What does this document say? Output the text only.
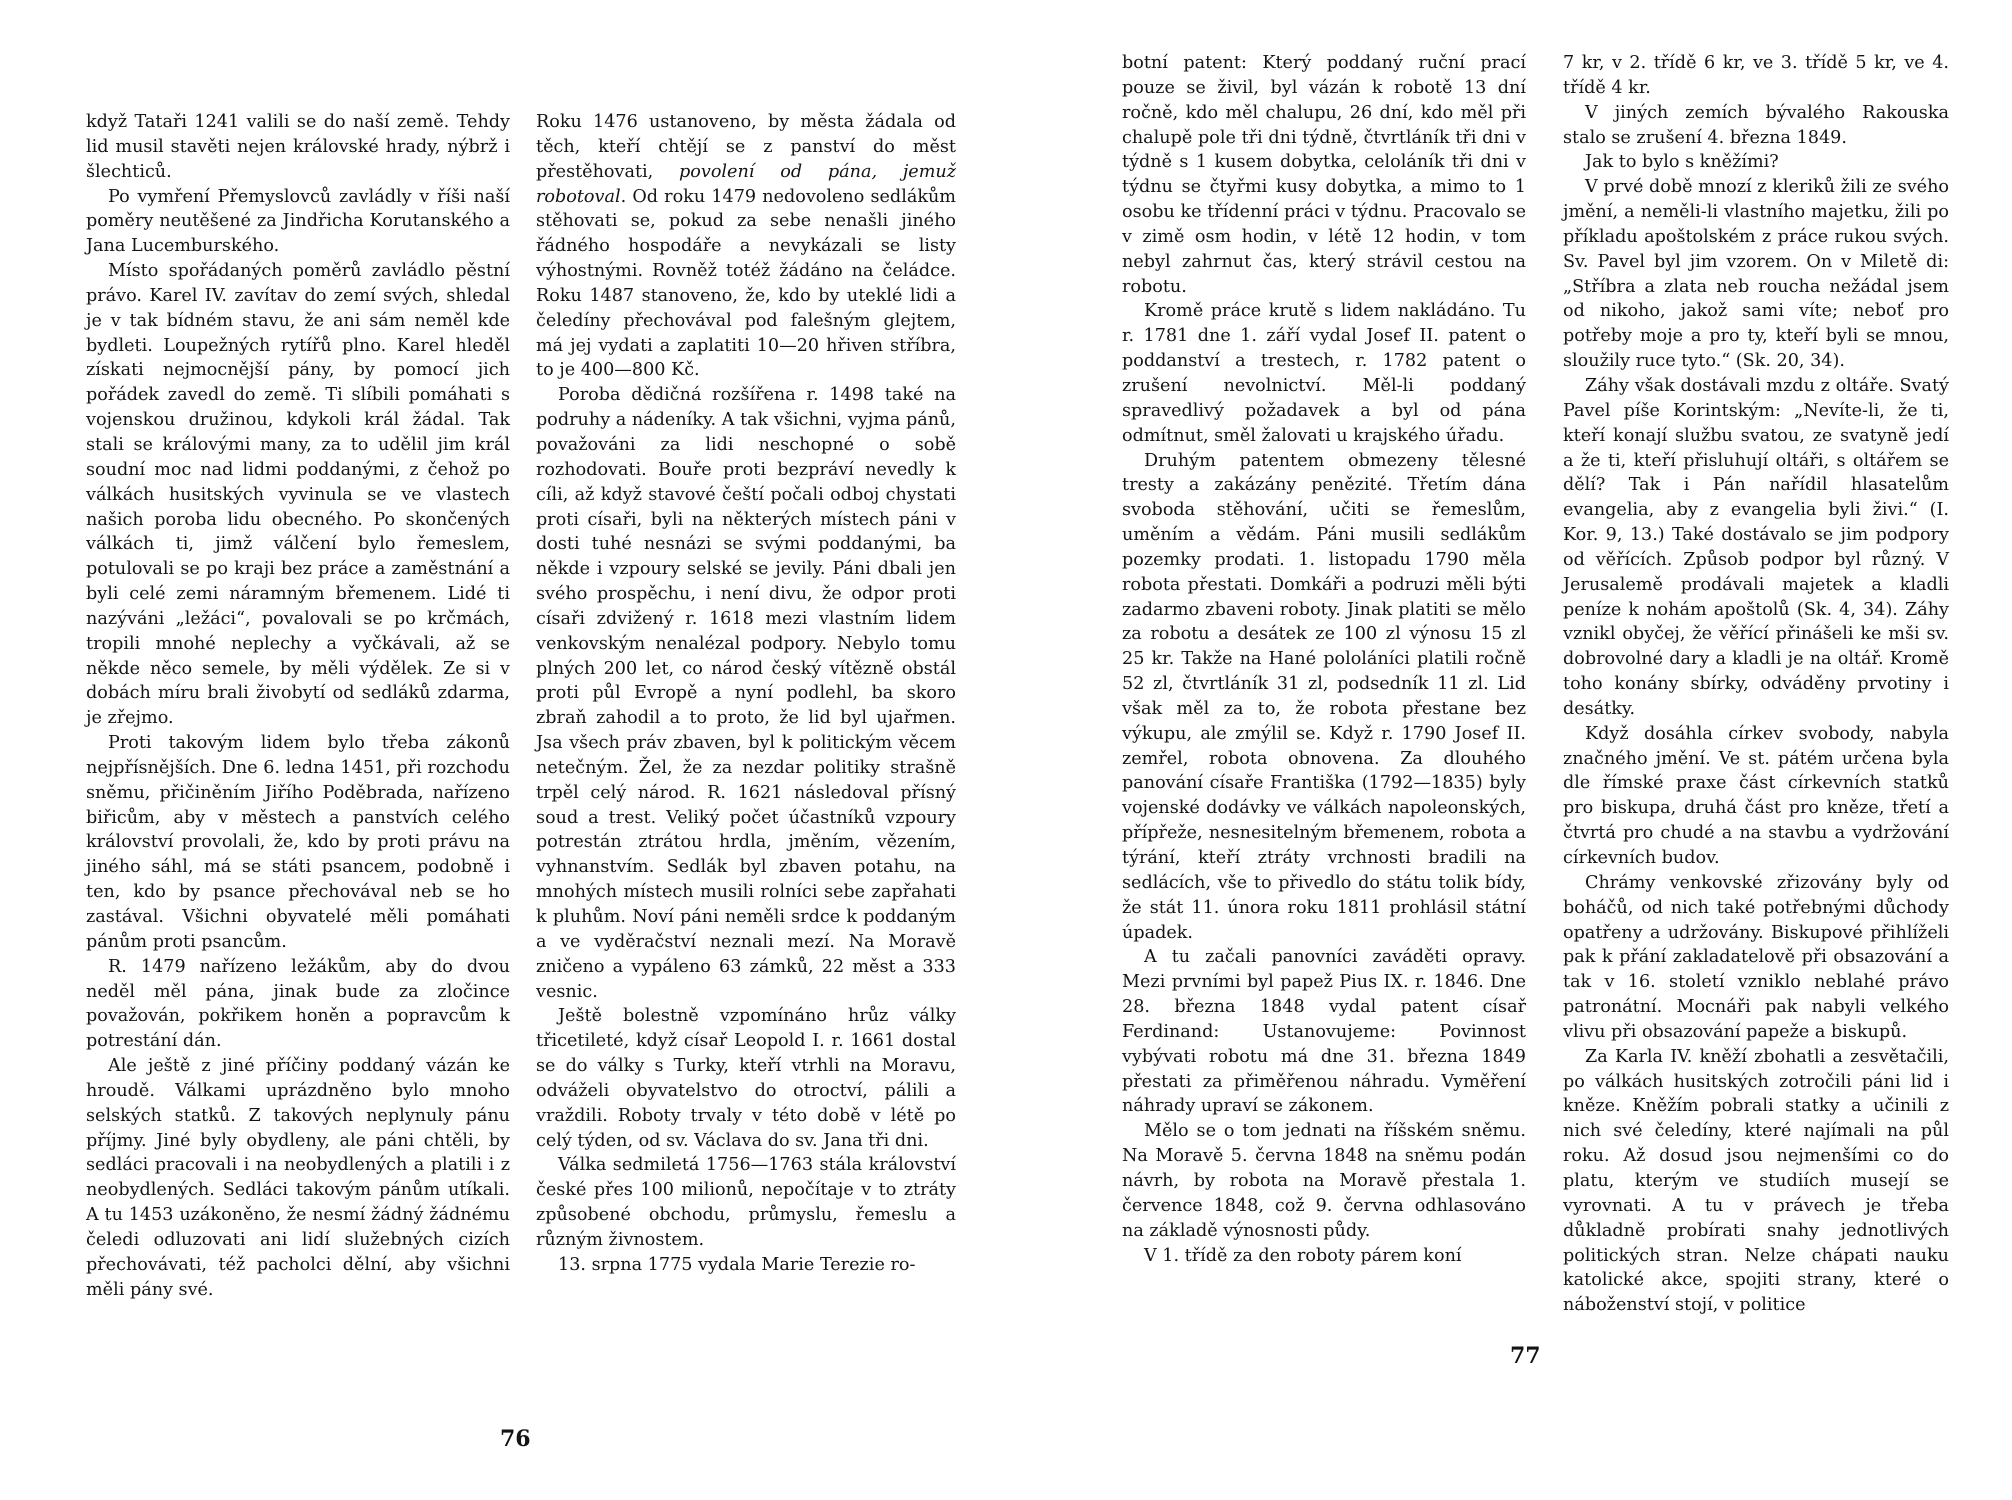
když Tataři 1241 valili se do naší země. Tehdy lid musil stavěti nejen královské hrady, nýbrž i šlechticů.

Po vymření Přemyslovců zavládly v říši naší poměry neutěšené za Jindřicha Korutanského a Jana Lucemburského.

Místo spořádaných poměrů zavládlo pěstní právo. Karel IV. zavítav do zemí svých, shledal je v tak bídném stavu, že ani sám neměl kde bydleti. Loupežných rytířů plno. Karel hleděl získati nejmocnější pány, by pomocí jich pořádek zavedl do země. Ti slíbili pomáhati s vojenskou družinou, kdykoli král žádal. Tak stali se královými many, za to udělil jim král soudní moc nad lidmi poddanými, z čehož po válkách husitských vyvinula se ve vlastech našich poroba lidu obecného. Po skončených válkách ti, jimž válčení bylo řemeslem, potulovali se po kraji bez práce a zaměstnání a byli celé zemi náramným břemenem. Lidé ti nazýváni „ležáci“, povalovali se po krčmách, tropili mnohé neplechy a vyčkávali, až se někde něco semele, by měli výdělek. Ze si v dobách míru brali živobytí od sedláků zdarma, je zřejmo.

Proti takovým lidem bylo třeba zákonů nejpřísnějších. Dne 6. ledna 1451, při rozchodu sněmu, přičiněním Jiřího Poděbrada, nařízeno biřicům, aby v městech a panstvích celého království provolali, že, kdo by proti právu na jiného sáhl, má se státi psancem, podobně i ten, kdo by psance přechovával neb se ho zastával. Všichni obyvatelé měli pomáhati pánům proti psancům.

R. 1479 nařízeno ležákům, aby do dvou neděl měl pána, jinak bude za zločince považován, pokřikem honěn a popravcům k potrestání dán.

Ale ještě z jiné příčiny poddaný vázán ke hroudě. Válkami uprázdněno bylo mnoho selských statků. Z takových neplynuly pánu příjmy. Jiné byly obydleny, ale páni chtěli, by sedláci pracovali i na neobydlených a platili i z neobydlených. Sedláci takovým pánům utíkali. A tu 1453 uzákoněno, že nesmí žádný žádnému čeledi odluzovati ani lidí služebných cizích přechovávati, též pacholci dělní, aby všichni měli pány své.

Roku 1476 ustanoveno, by města žádala od těch, kteří chtějí se z panství do měst přestěhovati, povolení od pána, jemuž robotoval. Od roku 1479 nedovoleno sedlákům stěhovati se, pokud za sebe nenašli jiného řádného hospodáře a nevykázali se listy výhostnými. Rovněž totéž žádáno na čeládce. Roku 1487 stanoveno, že, kdo by uteklé lidi a čeledíny přechovával pod falešným glejtem, má jej vydati a zaplatiti 10—20 hřiven stříbra, to je 400—800 Kč.

Poroba dědičná rozšířena r. 1498 také na podruhy a nádeníky. A tak všichni, vyjma pánů, považováni za lidi neschopné o sobě rozhodovati. Bouře proti bezpráví nevedly k cíli, až když stavové čeští počali odboj chystati proti císaři, byli na některých místech páni v dosti tuhé nesnázi se svými poddanými, ba někde i vzpoury selské se jevily. Páni dbali jen svého prospěchu, i není divu, že odpor proti císaři zdvižený r. 1618 mezi vlastním lidem venkovským nenalézal podpory. Nebylo tomu plných 200 let, co národ český vítězně obstál proti půl Evropě a nyní podlehl, ba skoro zbraň zahodil a to proto, že lid byl ujařmen. Jsa všech práv zbaven, byl k politickým věcem netečným. Žel, že za nezdar politiky strašně trpěl celý národ. R. 1621 následoval přísný soud a trest. Veliký počet účastníků vzpoury potrestán ztrátou hrdla, jměním, vězením, vyhnanstvím. Sedlák byl zbaven potahu, na mnohých místech musili rolníci sebe zapřahati k pluhům. Noví páni neměli srdce k poddaným a ve vyděračství neznali mezí. Na Moravě zničeno a vypáleno 63 zámků, 22 měst a 333 vesnic.

Ještě bolestně vzpomínáno hrůz války třicetileté, když císař Leopold I. r. 1661 dostal se do války s Turky, kteří vtrhli na Moravu, odváželi obyvatelstvo do otroctví, pálili a vraždili. Roboty trvaly v této době v létě po celý týden, od sv. Václava do sv. Jana tři dni.

Válka sedmiletá 1756—1763 stála království české přes 100 milionů, nepočítaje v to ztráty způsobené obchodu, průmyslu, řemeslu a různým živnostem.

13. srpna 1775 vydala Marie Terezie ro-

76

botní patent: Který poddaný ruční prací pouze se živil, byl vázán k robotě 13 dní ročně, kdo měl chalupu, 26 dní, kdo měl při chalupě pole tři dni týdně, čtvrtláník tři dni v týdně s 1 kusem dobytka, celoláník tři dni v týdnu se čtyřmi kusy dobytka, a mimo to 1 osobu ke třídenní práci v týdnu. Pracovalo se v zimě osm hodin, v létě 12 hodin, v tom nebyl zahrnut čas, který strávil cestou na robotu.

Kromě práce krutě s lidem nakládáno. Tu r. 1781 dne 1. září vydal Josef II. patent o poddanství a trestech, r. 1782 patent o zrušení nevolnictví. Měl-li poddaný spravedlivý požadavek a byl od pána odmítnut, směl žalovati u krajského úřadu.

Druhým patentem obmezeny tělesné tresty a zakázány penězité. Třetím dána svoboda stěhování, učiti se řemeslům, uměním a vědám. Páni musili sedlákům pozemky prodati. 1. listopadu 1790 měla robota přestati. Domkáři a podruzi měli býti zadarmo zbaveni roboty. Jinak platiti se mělo za robotu a desátek ze 100 zl výnosu 15 zl 25 kr. Takže na Hané pololáníci platili ročně 52 zl, čtvrtláník 31 zl, podsedník 11 zl. Lid však měl za to, že robota přestane bez výkupu, ale zmýlil se. Když r. 1790 Josef II. zemřel, robota obnovena. Za dlouhého panování císaře Františka (1792—1835) byly vojenské dodávky ve válkách napoleonských, přípřeže, nesnesitelným břemenem, robota a týrání, kteří ztráty vrchnosti bradili na sedlácích, vše to přivedlo do státu tolik bídy, že stát 11. února roku 1811 prohlásil státní úpadek.

A tu začali panovníci zaváděti opravy. Mezi prvními byl papež Pius IX. r. 1846. Dne 28. března 1848 vydal patent císař Ferdinand: Ustanovujeme: Povinnost vybývati robotu má dne 31. března 1849 přestati za přiměřenou náhradu. Vyměření náhrady upraví se zákonem.

Mělo se o tom jednati na říšském sněmu. Na Moravě 5. června 1848 na sněmu podán návrh, by robota na Moravě přestala 1. července 1848, což 9. června odhlasováno na základě výnosnosti půdy.

V 1. třídě za den roboty párem koní

7 kr, v 2. třídě 6 kr, ve 3. třídě 5 kr, ve 4. třídě 4 kr.

V jiných zemích bývalého Rakouska stalo se zrušení 4. března 1849.

Jak to bylo s kněžími?

V prvé době mnozí z kleriků žili ze svého jmění, a neměli-li vlastního majetku, žili po příkladu apoštolském z práce rukou svých. Sv. Pavel byl jim vzorem. On v Miletě di: „Stříbra a zlata neb roucha nežádal jsem od nikoho, jakož sami víte; neboť pro potřeby moje a pro ty, kteří byli se mnou, sloužily ruce tyto.“ (Sk. 20, 34).

Záhy však dostávali mzdu z oltáře. Svatý Pavel píše Korintským: „Nevíte-li, že ti, kteří konají službu svatou, ze svatyně jedí a že ti, kteří přisluhují oltáři, s oltářem se dělí? Tak i Pán nařídil hlasatelům evangelia, aby z evangelia byli živi.“ (I. Kor. 9, 13.) Také dostávalo se jim podpory od věřících. Způsob podpor byl různý. V Jerusalemě prodávali majetek a kladli peníze k nohám apoštolů (Sk. 4, 34). Záhy vznikl obyčej, že věřící přinášeli ke mši sv. dobrovolné dary a kladli je na oltář. Kromě toho konány sbírky, odváděny prvotiny i desátky.

Když dosáhla církev svobody, nabyla značného jmění. Ve st. pátém určena byla dle římské praxe část církevních statků pro biskupa, druhá část pro kněze, třetí a čtvrtá pro chudé a na stavbu a vydržování církevních budov.

Chrámy venkovské zřizovány byly od boháčů, od nich také potřebnými důchody opatřeny a udržovány. Biskupové přihlíželi pak k přání zakladatelově při obsazování a tak v 16. století vzniklo neblahé právo patronátní. Mocnáři pak nabyli velkého vlivu při obsazování papeže a biskupů.

Za Karla IV. kněží zbohatli a zesvětačili, po válkách husitských zotročili páni lid i kněze. Kněžím pobrali statky a učinili z nich své čeledíny, které najímali na půl roku. Až dosud jsou nejmenšími co do platu, kterým ve studiích musejí se vyrovnati. A tu v právech je třeba důkladně probírati snahy jednotlivých politických stran. Nelze chápati nauku katolické akce, spojiti strany, které o náboženství stojí, v politice

77
